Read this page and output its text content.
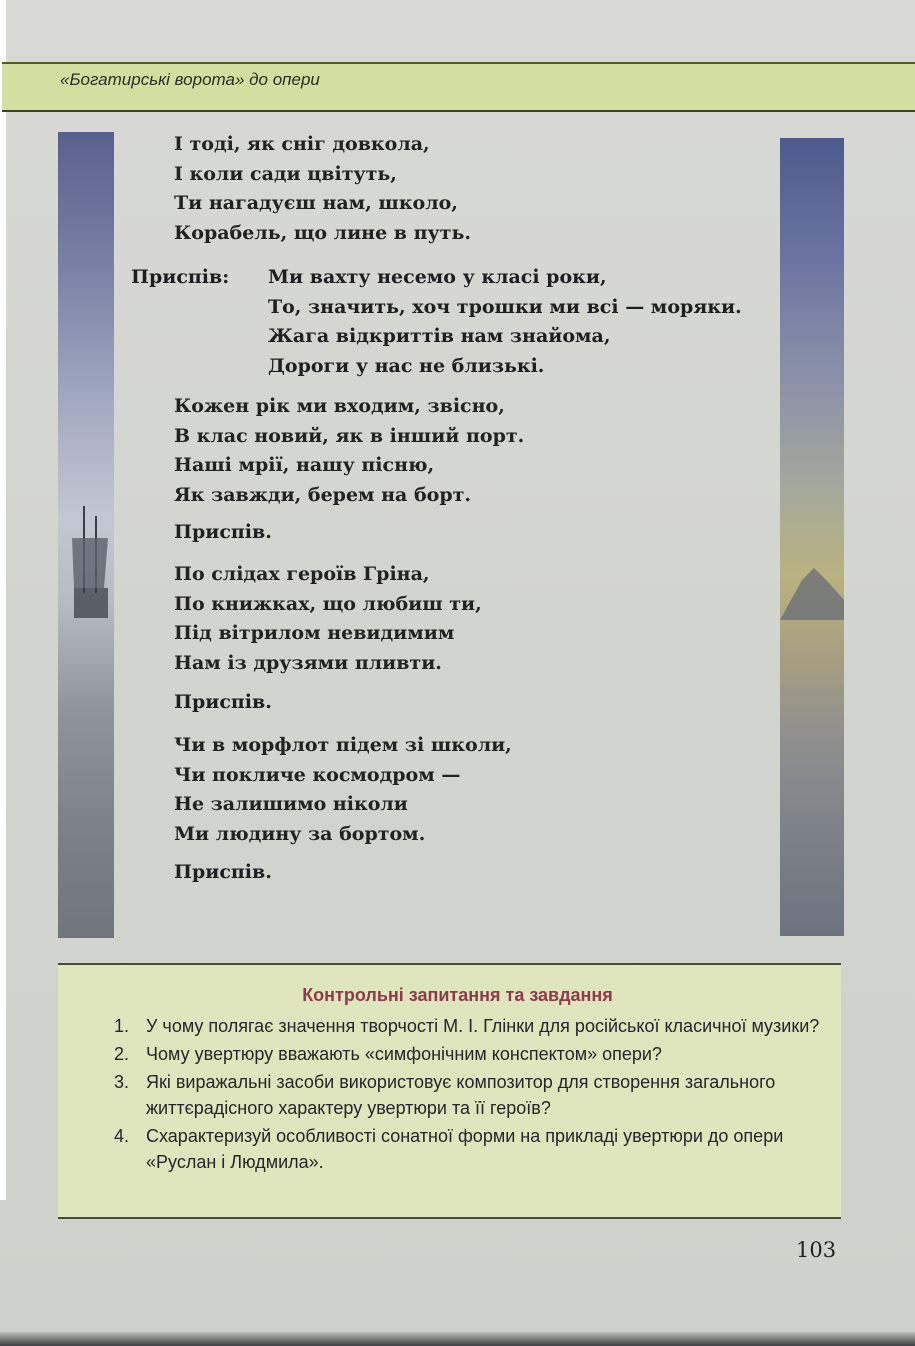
«Богатирські ворота» до опери
І тоді, як сніг довкола,
І коли сади цвітуть,
Ти нагадуєш нам, школо,
Корабель, що лине в путь.
Приспів: Ми вахту несемо у класі роки,
То, значить, хоч трошки ми всі — моряки.
Жага відкриттів нам знайома,
Дороги у нас не близькі.
Кожен рік ми входим, звісно,
В клас новий, як в інший порт.
Наші мрії, нашу пісню,
Як завжди, берем на борт.
Приспів.
По слідах героїв Гріна,
По книжках, що любиш ти,
Під вітрилом невидимим
Нам із друзями пливти.
Приспів.
Чи в морфлот підем зі школи,
Чи покличе космодром —
Не залишимо ніколи
Ми людину за бортом.
Приспів.
Контрольні запитання та завдання
1. У чому полягає значення творчості М. І. Глінки для російської класичної музики?
2. Чому увертюру вважають «симфонічним конспектом» опери?
3. Які виражальні засоби використовує композитор для створення загального життєрадісного характеру увертюри та її героїв?
4. Схарактеризуй особливості сонатної форми на прикладі увертюри до опери «Руслан і Людмила».
103
